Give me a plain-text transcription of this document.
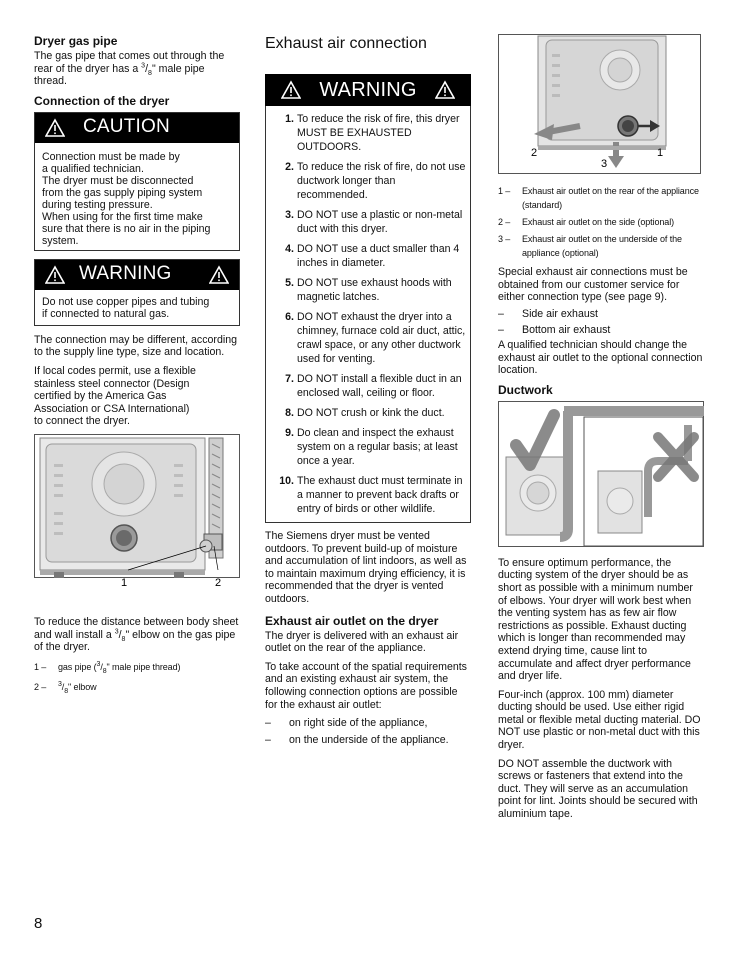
Dryer gas pipe

The gas pipe that comes out through the rear of the dryer has a $^3/_8$" male pipe thread.

Connection of the dryer
CAUTION

Connection must be made by

a qualified technician.

The dryer must be disconnected

from the gas supply piping system

during testing pressure.

When using for the first time make

sure that there is no air in the piping

system.

WARNING

Do not use copper pipes and tubing

if connected to natural gas.

The connection may be different, according to the supply line type, size and location.

If local codes permit, use a flexible
stainless steel connector (Design
certified by the America Gas
Association or CSA International)
to connect the dryer.

1	2

To reduce the distance between body sheet and wall install a $^3/_8$" elbow on the gas pipe of the dryer.

1 –	gas pipe ($^3/_8$" male pipe thread)
2 –	$^3/_8$" elbow
Exhaust air connection
WARNING
1. To reduce the risk of fire, this dryer MUST BE EXHAUSTED OUTDOORS.
2. To reduce the risk of fire, do not use ductwork longer than recommended.
3. DO NOT use a plastic or non-metal duct with this dryer.
4. DO NOT use a duct smaller than 4 inches in diameter.
5. DO NOT use exhaust hoods with magnetic latches.
6. DO NOT exhaust the dryer into a chimney, furnace cold air duct, attic, crawl space, or any other ductwork used for venting.
7. DO NOT install a flexible duct in an enclosed wall, ceiling or floor.
8. DO NOT crush or kink the duct.
9. Do clean and inspect the exhaust system on a regular basis; at least once a year.
10. The exhaust duct must terminate in a manner to prevent back drafts or entry of birds or other wildlife.

The Siemens dryer must be vented outdoors. To prevent build-up of moisture and accumulation of lint indoors, as well as to maintain maximum drying efficiency, it is recommended that the dryer is vented outdoors.

Exhaust air outlet on the dryer

The dryer is delivered with an exhaust air outlet on the rear of the appliance.

To take account of the spatial requirements and an existing exhaust air system, the following connection options are possible for the exhaust air outlet:

–	on right side of the appliance,
–	on the underside of the appliance.
2	1
3
1 –	Exhaust air outlet on the rear of the appliance (standard)
2 –	Exhaust air outlet on the side (optional)
3 –	Exhaust air outlet on the underside of the appliance (optional)

Special exhaust air connections must be obtained from our customer service for either connection type (see page 9).

–	Side air exhaust
–	Bottom air exhaust

A qualified technician should change the exhaust air outlet to the optional connection location.

Ductwork

To ensure optimum performance, the ducting system of the dryer should be as short as possible with a minimum number of elbows. Your dryer will work best when the venting system has as few air flow restrictions as possible. Exhaust ducting which is longer than recommended may extend drying time, cause lint to accumulate and affect dryer performance and dryer life.

Four-inch (approx. 100 mm) diameter ducting should be used. Use either rigid metal or flexible metal ducting material. DO NOT use plastic or non-metal duct with this dryer.

DO NOT assemble the ductwork with screws or fasteners that extend into the duct. They will serve as an accumulation point for lint. Joints should be secured with aluminium tape.

8
